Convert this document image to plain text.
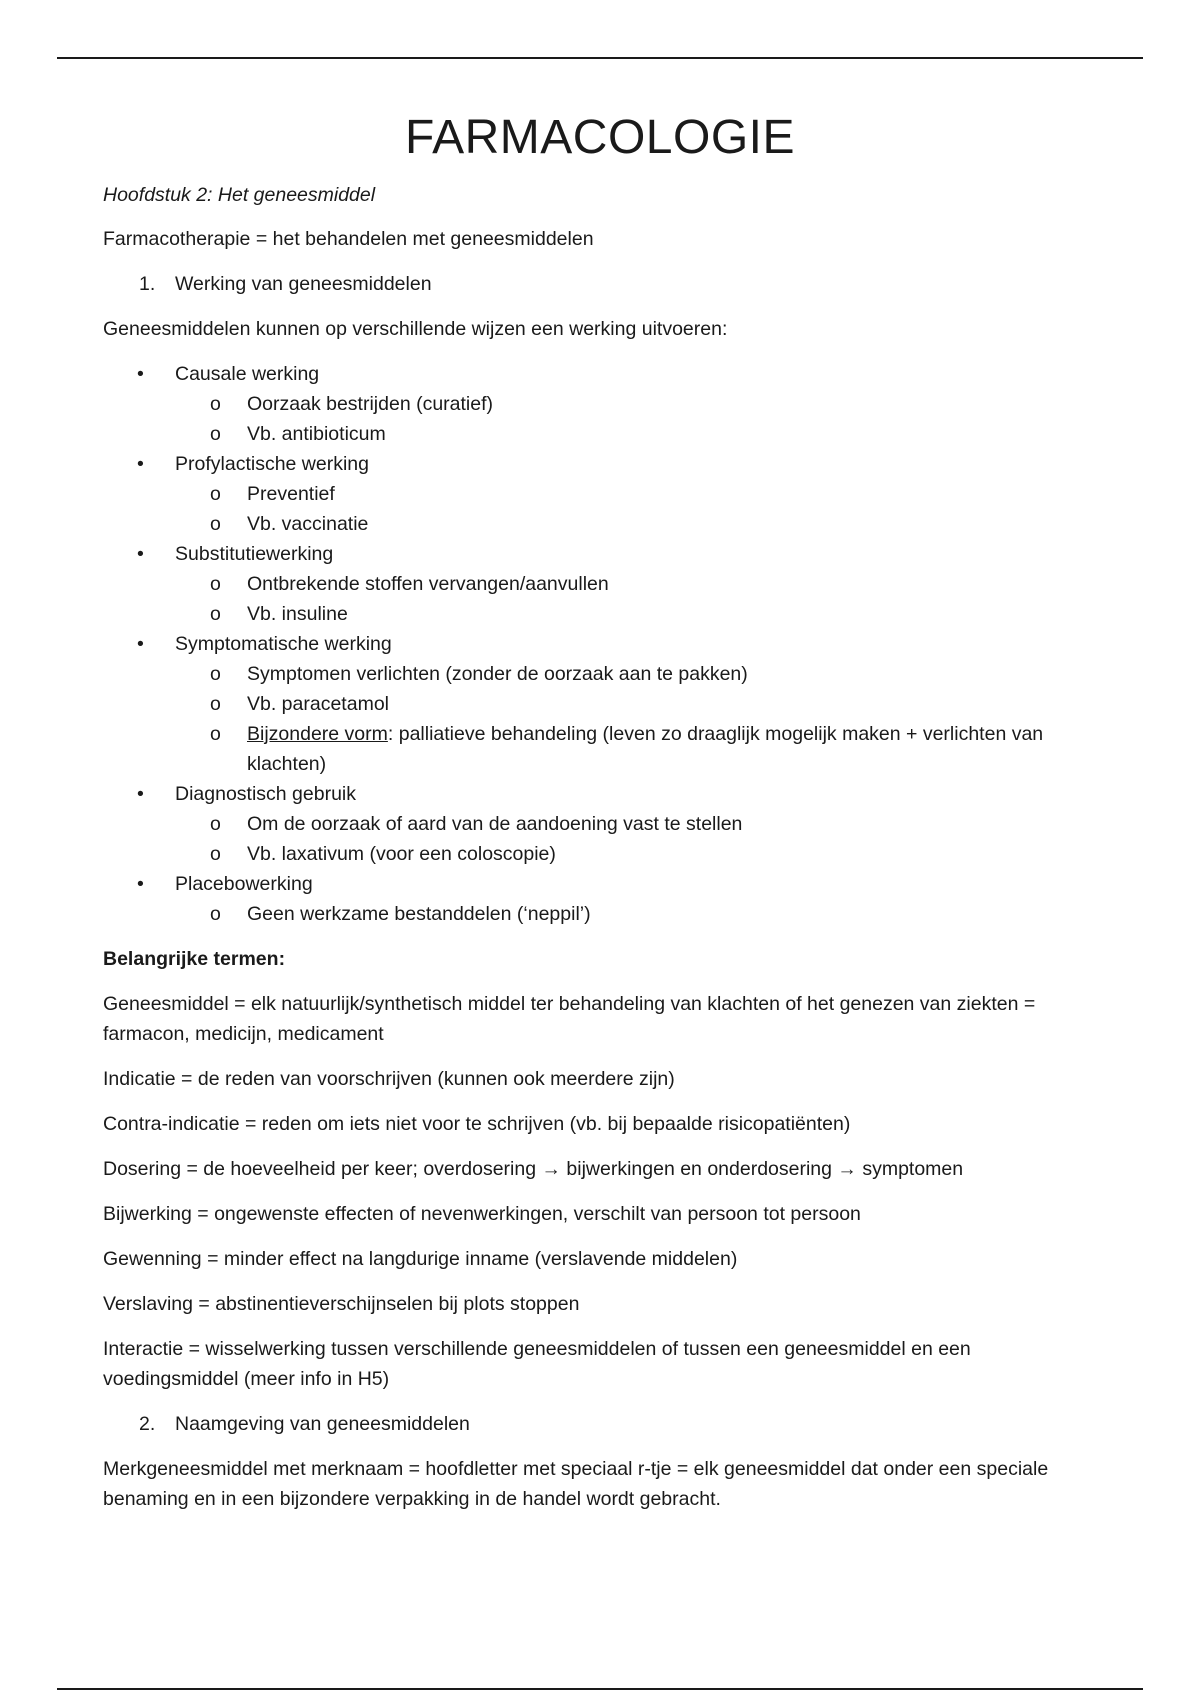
FARMACOLOGIE

Hoofdstuk 2: Het geneesmiddel

Farmacotherapie = het behandelen met geneesmiddelen

1.	Werking van geneesmiddelen

Geneesmiddelen kunnen op verschillende wijzen een werking uitvoeren:

• Causale werking
o Oorzaak bestrijden (curatief)
o Vb. antibioticum
• Profylactische werking
o Preventief
o Vb. vaccinatie
• Substitutiewerking
o Ontbrekende stoffen vervangen/aanvullen
o Vb. insuline
• Symptomatische werking
o Symptomen verlichten (zonder de oorzaak aan te pakken)
o Vb. paracetamol
o Bijzondere vorm: palliatieve behandeling (leven zo draaglijk mogelijk maken + verlichten van klachten)
• Diagnostisch gebruik
o Om de oorzaak of aard van de aandoening vast te stellen
o Vb. laxativum (voor een coloscopie)
• Placebowerking
o Geen werkzame bestanddelen (‘neppil’)

Belangrijke termen:

Geneesmiddel = elk natuurlijk/synthetisch middel ter behandeling van klachten of het genezen van ziekten = farmacon, medicijn, medicament

Indicatie = de reden van voorschrijven (kunnen ook meerdere zijn)

Contra-indicatie = reden om iets niet voor te schrijven (vb. bij bepaalde risicopatiënten)

Dosering = de hoeveelheid per keer; overdosering → bijwerkingen en onderdosering → symptomen

Bijwerking = ongewenste effecten of nevenwerkingen, verschilt van persoon tot persoon

Gewenning = minder effect na langdurige inname (verslavende middelen)

Verslaving = abstinentieverschijnselen bij plots stoppen

Interactie = wisselwerking tussen verschillende geneesmiddelen of tussen een geneesmiddel en een voedingsmiddel (meer info in H5)

2.	Naamgeving van geneesmiddelen

Merkgeneesmiddel met merknaam = hoofdletter met speciaal r-tje = elk geneesmiddel dat onder een speciale benaming en in een bijzondere verpakking in de handel wordt gebracht.
